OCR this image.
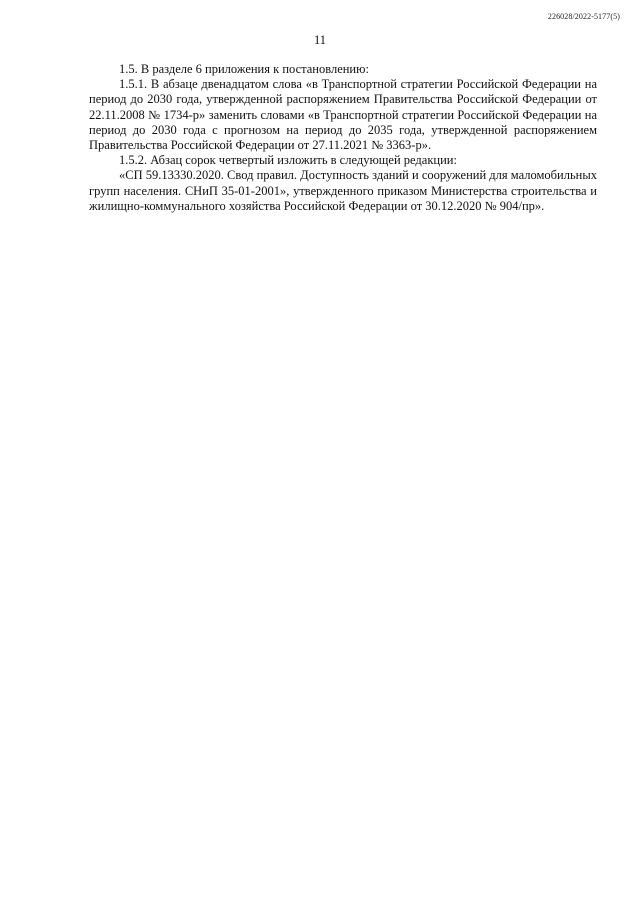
226028/2022-5177(5)
11

1.5. В разделе 6 приложения к постановлению:

1.5.1. В абзаце двенадцатом слова «в Транспортной стратегии Российской Федерации на период до 2030 года, утвержденной распоряжением Правительства Российской Федерации от 22.11.2008 № 1734-р» заменить словами «в Транспортной стратегии Российской Федерации на период до 2030 года с прогнозом на период до 2035 года, утвержденной распоряжением Правительства Российской Федерации от 27.11.2021 № 3363-р».

1.5.2. Абзац сорок четвертый изложить в следующей редакции:

«СП 59.13330.2020. Свод правил. Доступность зданий и сооружений для маломобильных групп населения. СНиП 35-01-2001», утвержденного приказом Министерства строительства и жилищно-коммунального хозяйства Российской Федерации от 30.12.2020 № 904/пр».
